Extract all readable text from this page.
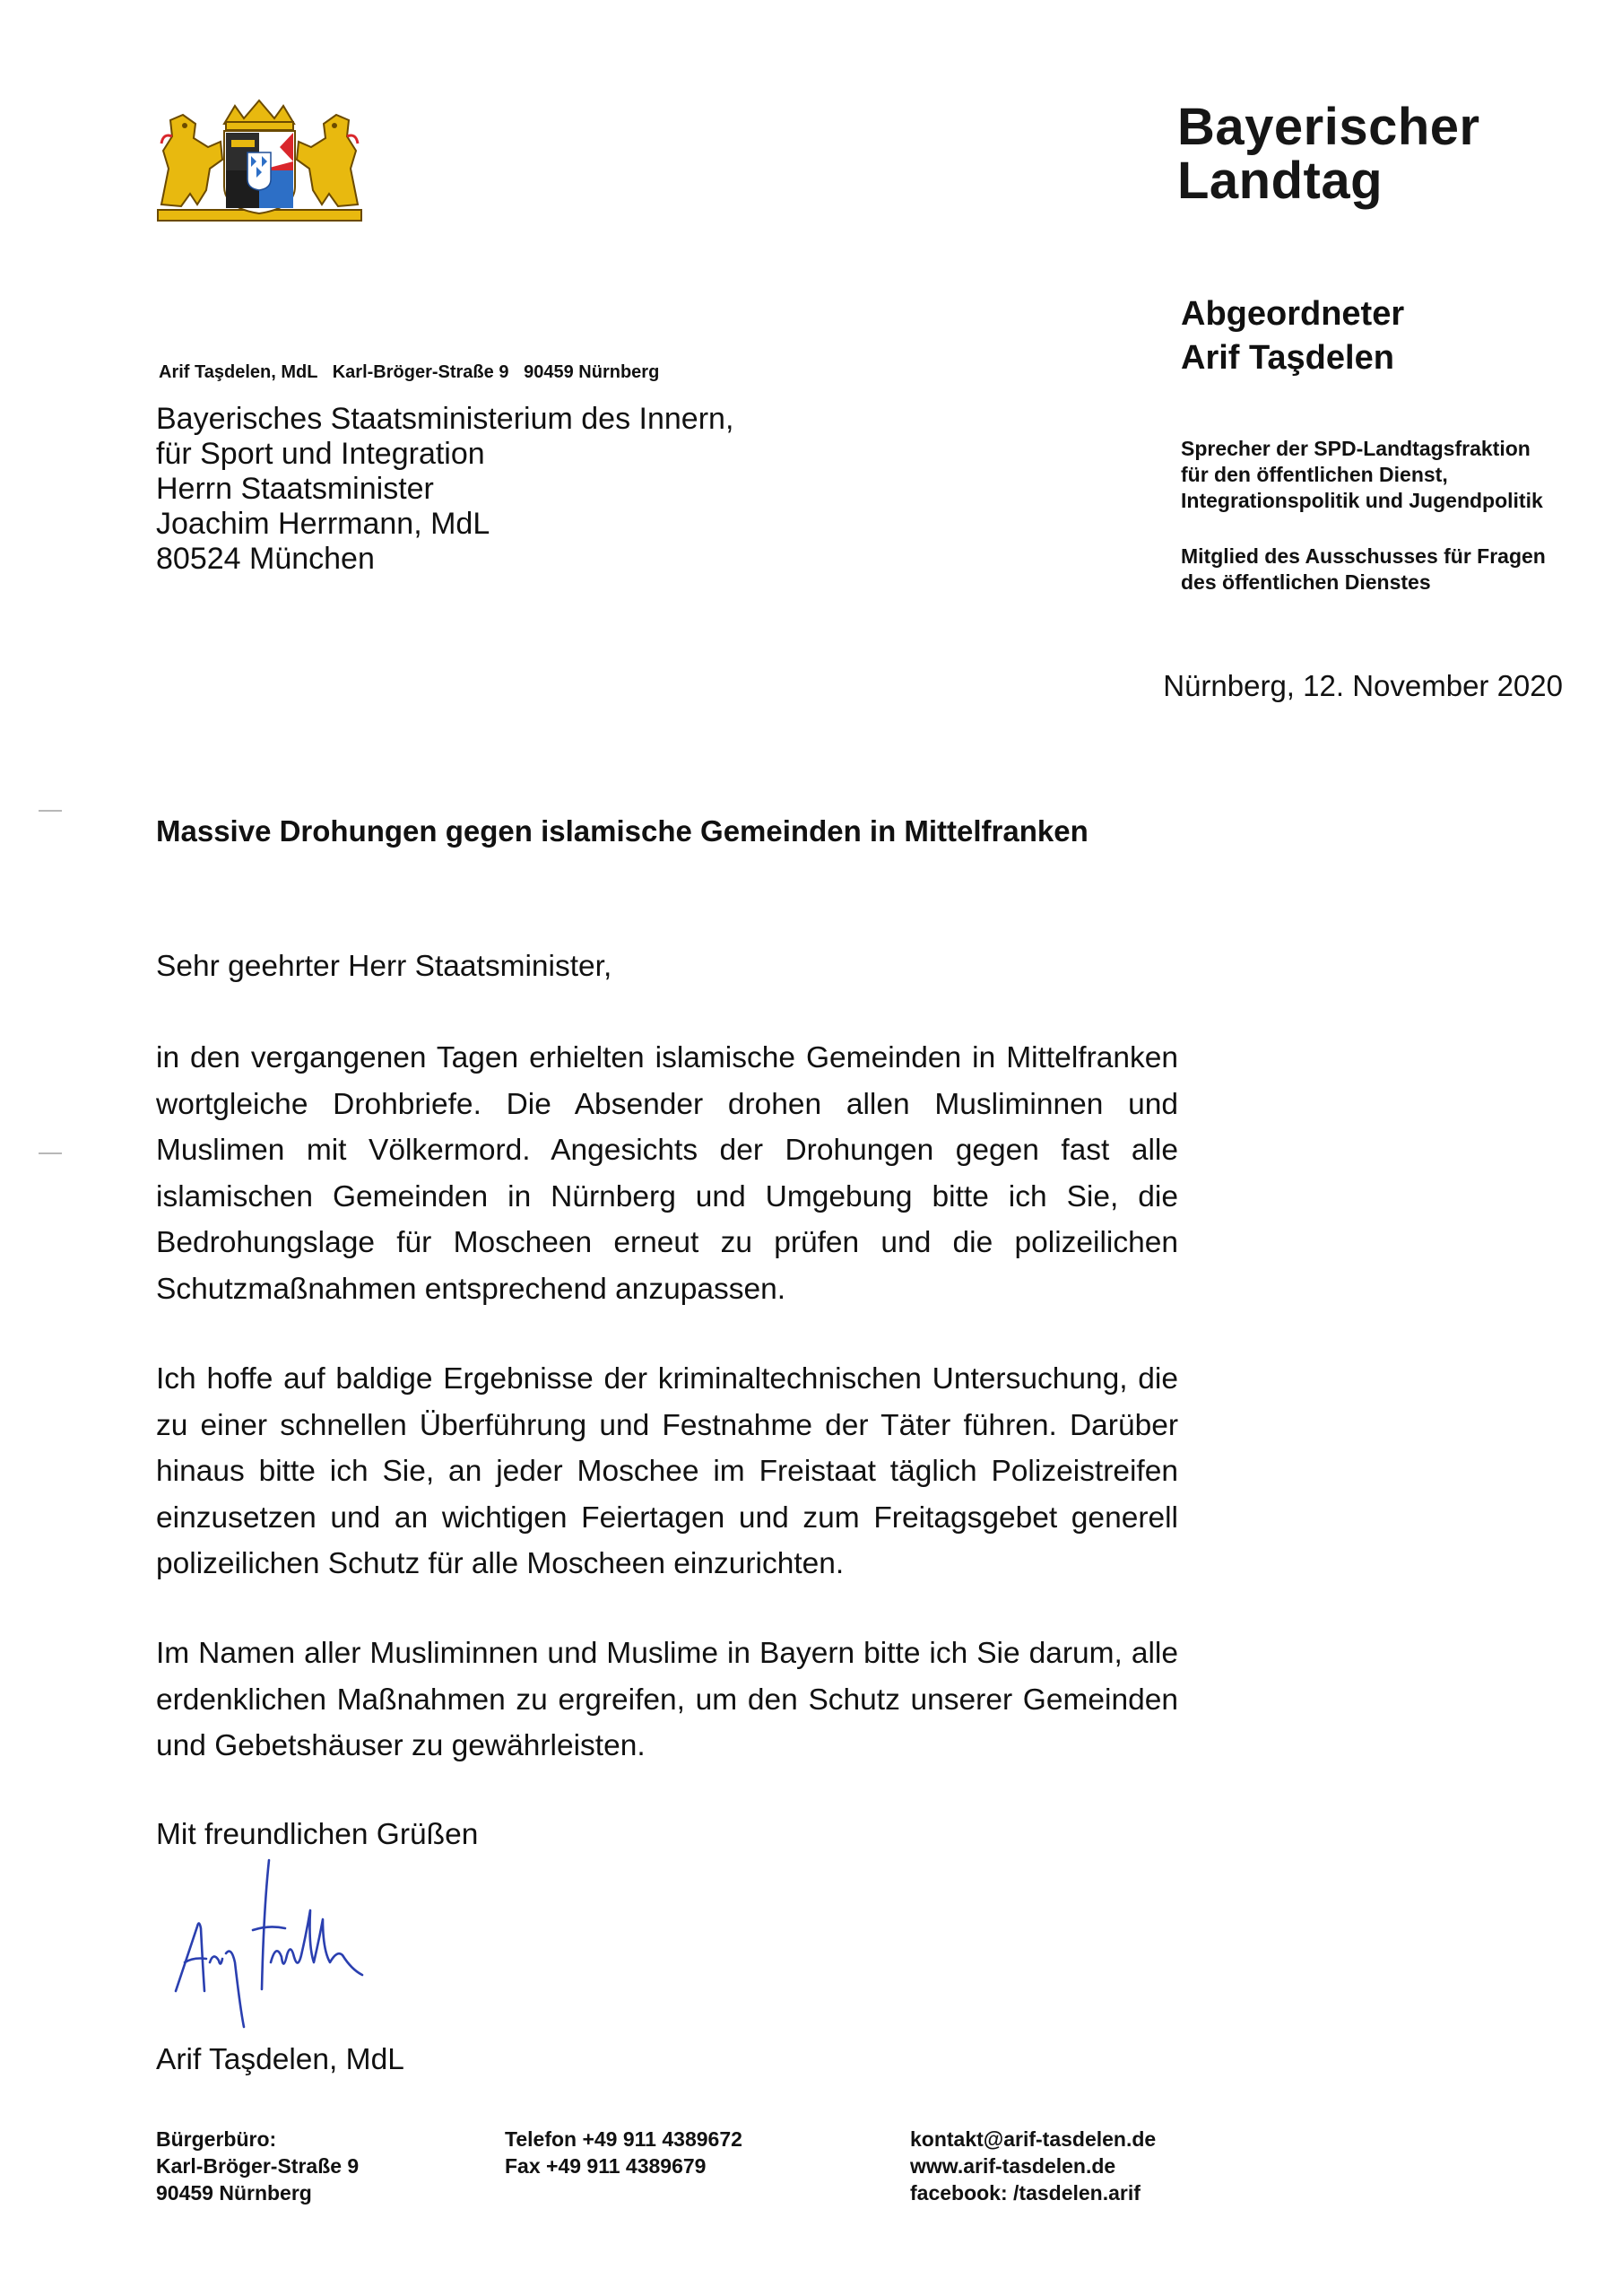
Bayerischer
Landtag
Arif Taşdelen, MdL   Karl-Bröger-Straße 9   90459 Nürnberg
Bayerisches Staatsministerium des Innern,
für Sport und Integration
Herrn Staatsminister
Joachim Herrmann, MdL
80524 München
Abgeordneter
Arif Taşdelen
Sprecher der SPD-Landtagsfraktion
für den öffentlichen Dienst,
Integrationspolitik und Jugendpolitik
Mitglied des Ausschusses für Fragen
des öffentlichen Dienstes
Nürnberg, 12. November 2020
Massive Drohungen gegen islamische Gemeinden in Mittelfranken
Sehr geehrter Herr Staatsminister,
in den vergangenen Tagen erhielten islamische Gemeinden in Mittelfranken
wortgleiche Drohbriefe. Die Absender drohen allen Musliminnen und
Muslimen mit Völkermord. Angesichts der Drohungen gegen fast alle
islamischen Gemeinden in Nürnberg und Umgebung bitte ich Sie, die
Bedrohungslage für Moscheen erneut zu prüfen und die polizeilichen
Schutzmaßnahmen entsprechend anzupassen.
Ich hoffe auf baldige Ergebnisse der kriminaltechnischen Untersuchung, die
zu einer schnellen Überführung und Festnahme der Täter führen. Darüber
hinaus bitte ich Sie, an jeder Moschee im Freistaat täglich Polizeistreifen
einzusetzen und an wichtigen Feiertagen und zum Freitagsgebet generell
polizeilichen Schutz für alle Moscheen einzurichten.
Im Namen aller Musliminnen und Muslime in Bayern bitte ich Sie darum, alle
erdenklichen Maßnahmen zu ergreifen, um den Schutz unserer Gemeinden
und Gebetshäuser zu gewährleisten.
Mit freundlichen Grüßen
Arif Taşdelen, MdL
Bürgerbüro:
Karl-Bröger-Straße 9
90459 Nürnberg
Telefon +49 911 4389672
Fax +49 911 4389679
kontakt@arif-tasdelen.de
www.arif-tasdelen.de
facebook: /tasdelen.arif
